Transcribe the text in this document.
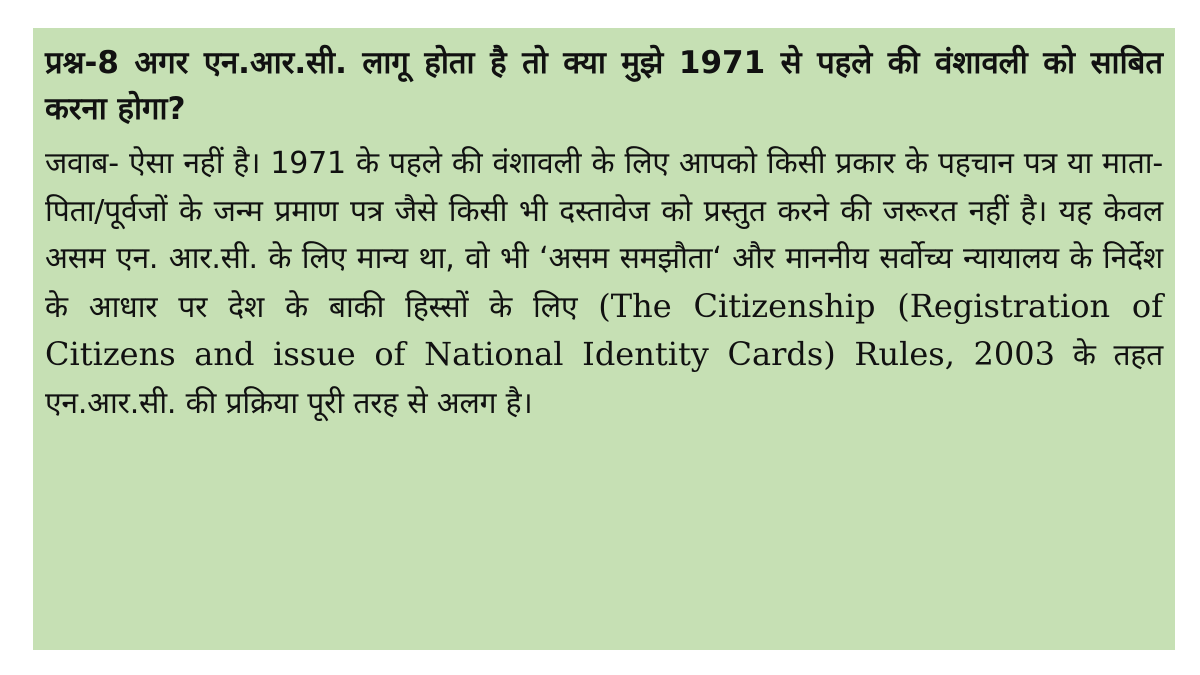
प्रश्न-8 अगर एन.आर.सी. लागू होता है तो क्या मुझे 1971 से पहले की वंशावली को साबित करना होगा?

जवाब- ऐसा नहीं है। 1971 के पहले की वंशावली के लिए आपको किसी प्रकार के पहचान पत्र या माता-पिता/पूर्वजों के जन्म प्रमाण पत्र जैसे किसी भी दस्तावेज को प्रस्तुत करने की जरूरत नहीं है। यह केवल असम एन. आर.सी. के लिए मान्य था, वो भी ‘असम समझौता‘ और माननीय सर्वोच्य न्यायालय के निर्देश के आधार पर देश के बाकी हिस्सों के लिए (The Citizenship (Registration of Citizens and issue of National Identity Cards) Rules, 2003 के तहत एन.आर.सी. की प्रक्रिया पूरी तरह से अलग है।
